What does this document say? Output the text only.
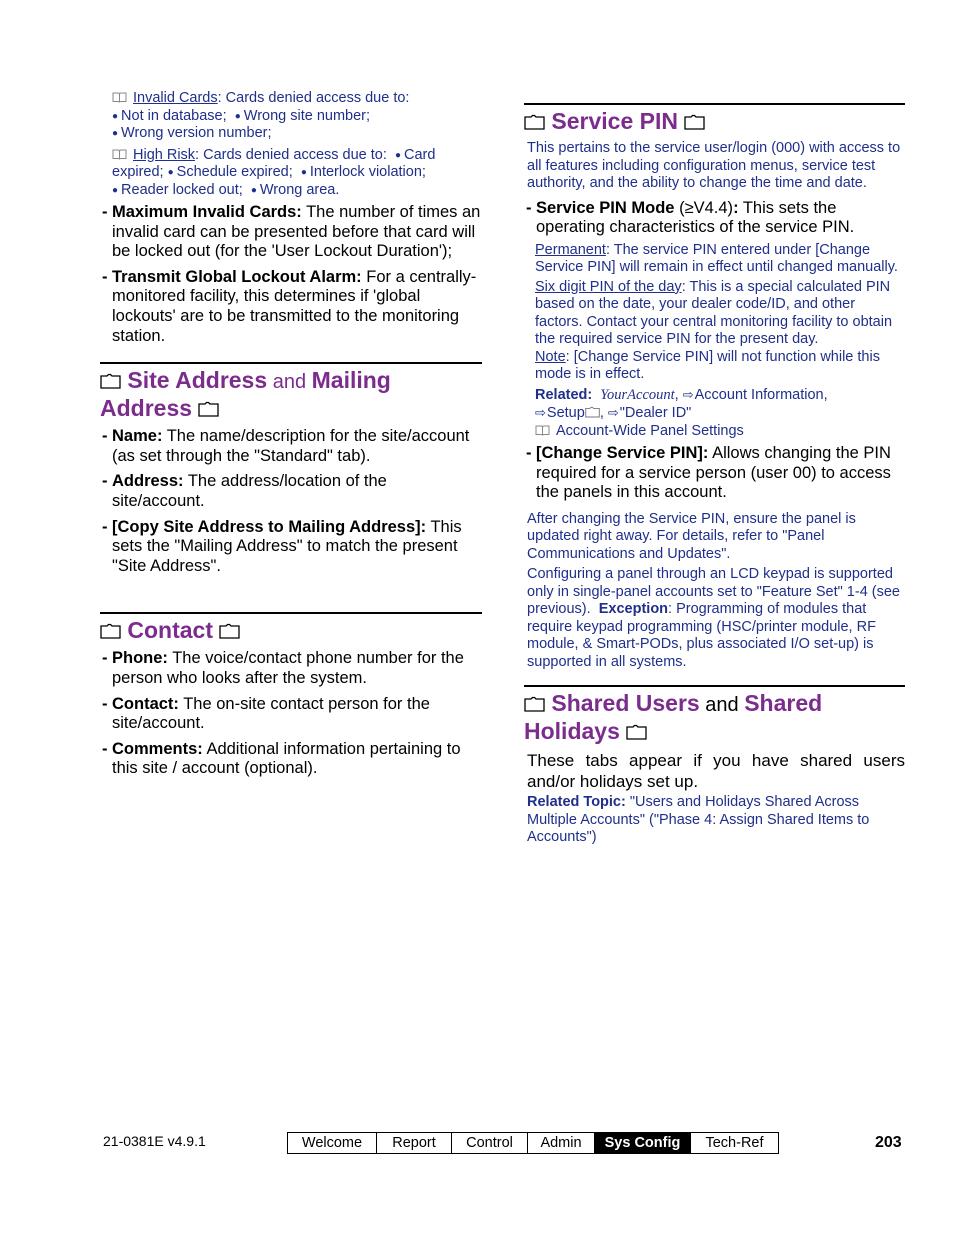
Invalid Cards: Cards denied access due to:
● Not in database; ● Wrong site number;
● Wrong version number;
High Risk: Cards denied access due to: ● Card expired; ● Schedule expired; ● Interlock violation;
● Reader locked out; ● Wrong area.
- Maximum Invalid Cards: The number of times an invalid card can be presented before that card will be locked out (for the 'User Lockout Duration');
- Transmit Global Lockout Alarm: For a centrally-monitored facility, this determines if 'global lockouts' are to be transmitted to the monitoring station.
Site Address and Mailing Address
- Name: The name/description for the site/account (as set through the "Standard" tab).
- Address: The address/location of the site/account.
- [Copy Site Address to Mailing Address]: This sets the "Mailing Address" to match the present "Site Address".
Contact
- Phone: The voice/contact phone number for the person who looks after the system.
- Contact: The on-site contact person for the site/account.
- Comments: Additional information pertaining to this site / account (optional).
Service PIN
This pertains to the service user/login (000) with access to all features including configuration menus, service test authority, and the ability to change the time and date.
- Service PIN Mode (≥V4.4): This sets the operating characteristics of the service PIN.
Permanent: The service PIN entered under [Change Service PIN] will remain in effect until changed manually.
Six digit PIN of the day: This is a special calculated PIN based on the date, your dealer code/ID, and other factors. Contact your central monitoring facility to obtain the required service PIN for the present day.
Note: [Change Service PIN] will not function while this mode is in effect.
Related: YourAccount, ⇨Account Information,
⇨Setup , ⇨"Dealer ID"
Account-Wide Panel Settings
- [Change Service PIN]: Allows changing the PIN required for a service person (user 00) to access the panels in this account.
After changing the Service PIN, ensure the panel is updated right away. For details, refer to "Panel Communications and Updates".
Configuring a panel through an LCD keypad is supported only in single-panel accounts set to "Feature Set" 1-4 (see previous). Exception: Programming of modules that require keypad programming (HSC/printer module, RF module, & Smart-PODs, plus associated I/O set-up) is supported in all systems.
Shared Users and Shared Holidays
These tabs appear if you have shared users and/or holidays set up.
Related Topic: "Users and Holidays Shared Across Multiple Accounts" ("Phase 4: Assign Shared Items to Accounts")
21-0381E v4.9.1	Welcome	Report	Control	Admin	Sys Config	Tech-Ref	203
